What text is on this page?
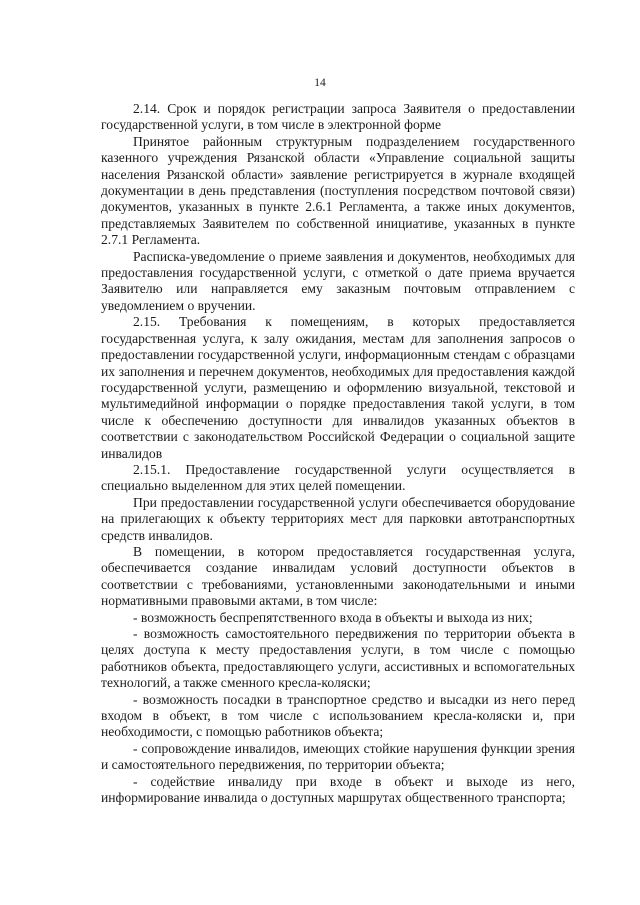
14

2.14. Срок и порядок регистрации запроса Заявителя о предоставлении государственной услуги, в том числе в электронной форме

Принятое районным структурным подразделением государственного казенного учреждения Рязанской области «Управление социальной защиты населения Рязанской области» заявление регистрируется в журнале входящей документации в день представления (поступления посредством почтовой связи) документов, указанных в пункте 2.6.1 Регламента, а также иных документов, представляемых Заявителем по собственной инициативе, указанных в пункте 2.7.1 Регламента.

Расписка-уведомление о приеме заявления и документов, необходимых для предоставления государственной услуги, с отметкой о дате приема вручается Заявителю или направляется ему заказным почтовым отправлением с уведомлением о вручении.

2.15. Требования к помещениям, в которых предоставляется государственная услуга, к залу ожидания, местам для заполнения запросов о предоставлении государственной услуги, информационным стендам с образцами их заполнения и перечнем документов, необходимых для предоставления каждой государственной услуги, размещению и оформлению визуальной, текстовой и мультимедийной информации о порядке предоставления такой услуги, в том числе к обеспечению доступности для инвалидов указанных объектов в соответствии с законодательством Российской Федерации о социальной защите инвалидов

2.15.1. Предоставление государственной услуги осуществляется в специально выделенном для этих целей помещении.

При предоставлении государственной услуги обеспечивается оборудование на прилегающих к объекту территориях мест для парковки автотранспортных средств инвалидов.

В помещении, в котором предоставляется государственная услуга, обеспечивается создание инвалидам условий доступности объектов в соответствии с требованиями, установленными законодательными и иными нормативными правовыми актами, в том числе:

- возможность беспрепятственного входа в объекты и выхода из них;

- возможность самостоятельного передвижения по территории объекта в целях доступа к месту предоставления услуги, в том числе с помощью работников объекта, предоставляющего услуги, ассистивных и вспомогательных технологий, а также сменного кресла-коляски;

- возможность посадки в транспортное средство и высадки из него перед входом в объект, в том числе с использованием кресла-коляски и, при необходимости, с помощью работников объекта;

- сопровождение инвалидов, имеющих стойкие нарушения функции зрения и самостоятельного передвижения, по территории объекта;

- содействие инвалиду при входе в объект и выходе из него, информирование инвалида о доступных маршрутах общественного транспорта;
